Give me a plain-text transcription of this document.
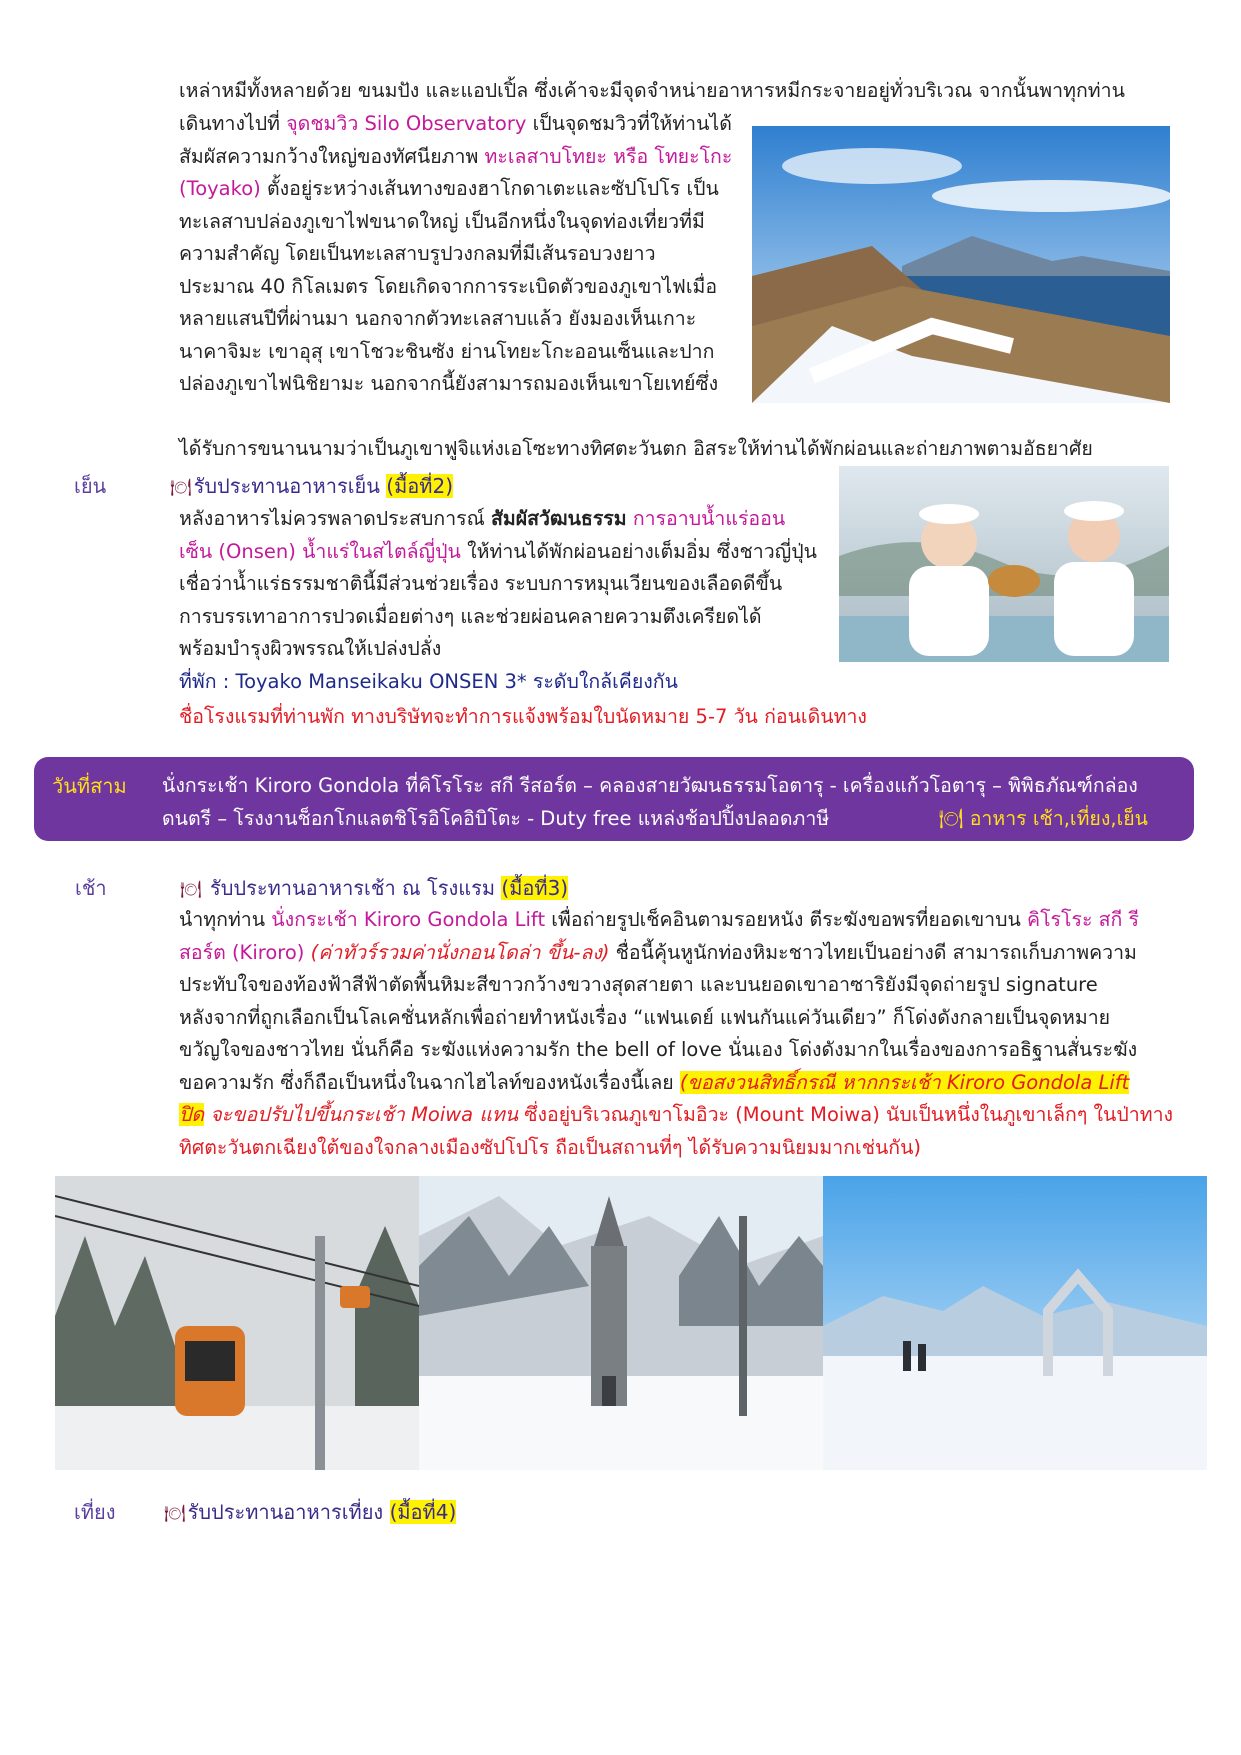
เหล่าหมีทั้งหลายด้วย ขนมปัง และแอปเปิ้ล ซึ่งเค้าจะมีจุดจำหน่ายอาหารหมีกระจายอยู่ทั่วบริเวณ จากนั้นพาทุกท่าน

เดินทางไปที่ จุดชมวิว Silo Observatory เป็นจุดชมวิวที่ให้ท่านได้

สัมผัสความกว้างใหญ่ของทัศนียภาพ ทะเลสาบโทยะ หรือ โทยะโกะ

(Toyako) ตั้งอยู่ระหว่างเส้นทางของฮาโกดาเตะและซัปโปโร เป็น

ทะเลสาบปล่องภูเขาไฟขนาดใหญ่ เป็นอีกหนึ่งในจุดท่องเที่ยวที่มี

ความสำคัญ โดยเป็นทะเลสาบรูปวงกลมที่มีเส้นรอบวงยาว

ประมาณ 40 กิโลเมตร โดยเกิดจากการระเบิดตัวของภูเขาไฟเมื่อ

หลายแสนปีที่ผ่านมา นอกจากตัวทะเลสาบแล้ว ยังมองเห็นเกาะ

นาคาจิมะ เขาอุสุ เขาโชวะชินซัง ย่านโทยะโกะออนเซ็นและปาก

ปล่องภูเขาไฟนิชิยามะ นอกจากนี้ยังสามารถมองเห็นเขาโยเทย์ซึ่ง

ได้รับการขนานนามว่าเป็นภูเขาฟูจิแห่งเอโซะทางทิศตะวันตก อิสระให้ท่านได้พักผ่อนและถ่ายภาพตามอัธยาศัย

เย็น	🍽 รับประทานอาหารเย็น (มื้อที่2)

หลังอาหารไม่ควรพลาดประสบการณ์ สัมผัสวัฒนธรรม การอาบน้ำแร่ออน

เซ็น (Onsen) น้ำแร่ในสไตล์ญี่ปุ่น ให้ท่านได้พักผ่อนอย่างเต็มอิ่ม ซึ่งชาวญี่ปุ่น

เชื่อว่าน้ำแร่ธรรมชาตินี้มีส่วนช่วยเรื่อง ระบบการหมุนเวียนของเลือดดีขึ้น

การบรรเทาอาการปวดเมื่อยต่างๆ และช่วยผ่อนคลายความตึงเครียดได้

พร้อมบำรุงผิวพรรณให้เปล่งปลั่ง

ที่พัก : Toyako Manseikaku ONSEN 3* ระดับใกล้เคียงกัน

ชื่อโรงแรมที่ท่านพัก ทางบริษัทจะทำการแจ้งพร้อมใบนัดหมาย 5-7 วัน ก่อนเดินทาง

วันที่สาม นั่งกระเช้า Kiroro Gondola ที่คิโรโระ สกี รีสอร์ต – คลองสายวัฒนธรรมโอตารุ - เครื่องแก้วโอตารุ – พิพิธภัณฑ์กล่อง
ดนตรี – โรงงานช็อกโกแลตชิโรอิโคอิบิโตะ - Duty free แหล่งช้อปปิ้งปลอดภาษี	🍽 อาหาร เช้า,เที่ยง,เย็น
เช้า	🍽 รับประทานอาหารเช้า ณ โรงแรม (มื้อที่3)

นำทุกท่าน นั่งกระเช้า Kiroro Gondola Lift เพื่อถ่ายรูปเช็คอินตามรอยหนัง ตีระฆังขอพรที่ยอดเขาบน คิโรโระ สกี รี

สอร์ต (Kiroro) (ค่าทัวร์รวมค่านั่งกอนโดล่า ขึ้น-ลง) ชื่อนี้คุ้นหูนักท่องหิมะชาวไทยเป็นอย่างดี สามารถเก็บภาพความ

ประทับใจของท้องฟ้าสีฟ้าตัดพื้นหิมะสีขาวกว้างขวางสุดสายตา และบนยอดเขาอาซาริยังมีจุดถ่ายรูป signature

หลังจากที่ถูกเลือกเป็นโลเคชั่นหลักเพื่อถ่ายทำหนังเรื่อง “แฟนเดย์ แฟนกันแค่วันเดียว” ก็โด่งดังกลายเป็นจุดหมาย

ขวัญใจของชาวไทย นั่นก็คือ ระฆังแห่งความรัก the bell of love นั่นเอง โด่งดังมากในเรื่องของการอธิฐานสั่นระฆัง

ขอความรัก ซึ่งก็ถือเป็นหนึ่งในฉากไฮไลท์ของหนังเรื่องนี้เลย (ขอสงวนสิทธิ์กรณี หากกระเช้า Kiroro Gondola Lift

ปิด จะขอปรับไปขึ้นกระเช้า Moiwa แทน ซึ่งอยู่บริเวณภูเขาโมอิวะ (Mount Moiwa) นับเป็นหนึ่งในภูเขาเล็กๆ ในป่าทาง

ทิศตะวันตกเฉียงใต้ของใจกลางเมืองซัปโปโร ถือเป็นสถานที่ๆ ได้รับความนิยมมากเช่นกัน)

เที่ยง	🍽 รับประทานอาหารเที่ยง (มื้อที่4)
